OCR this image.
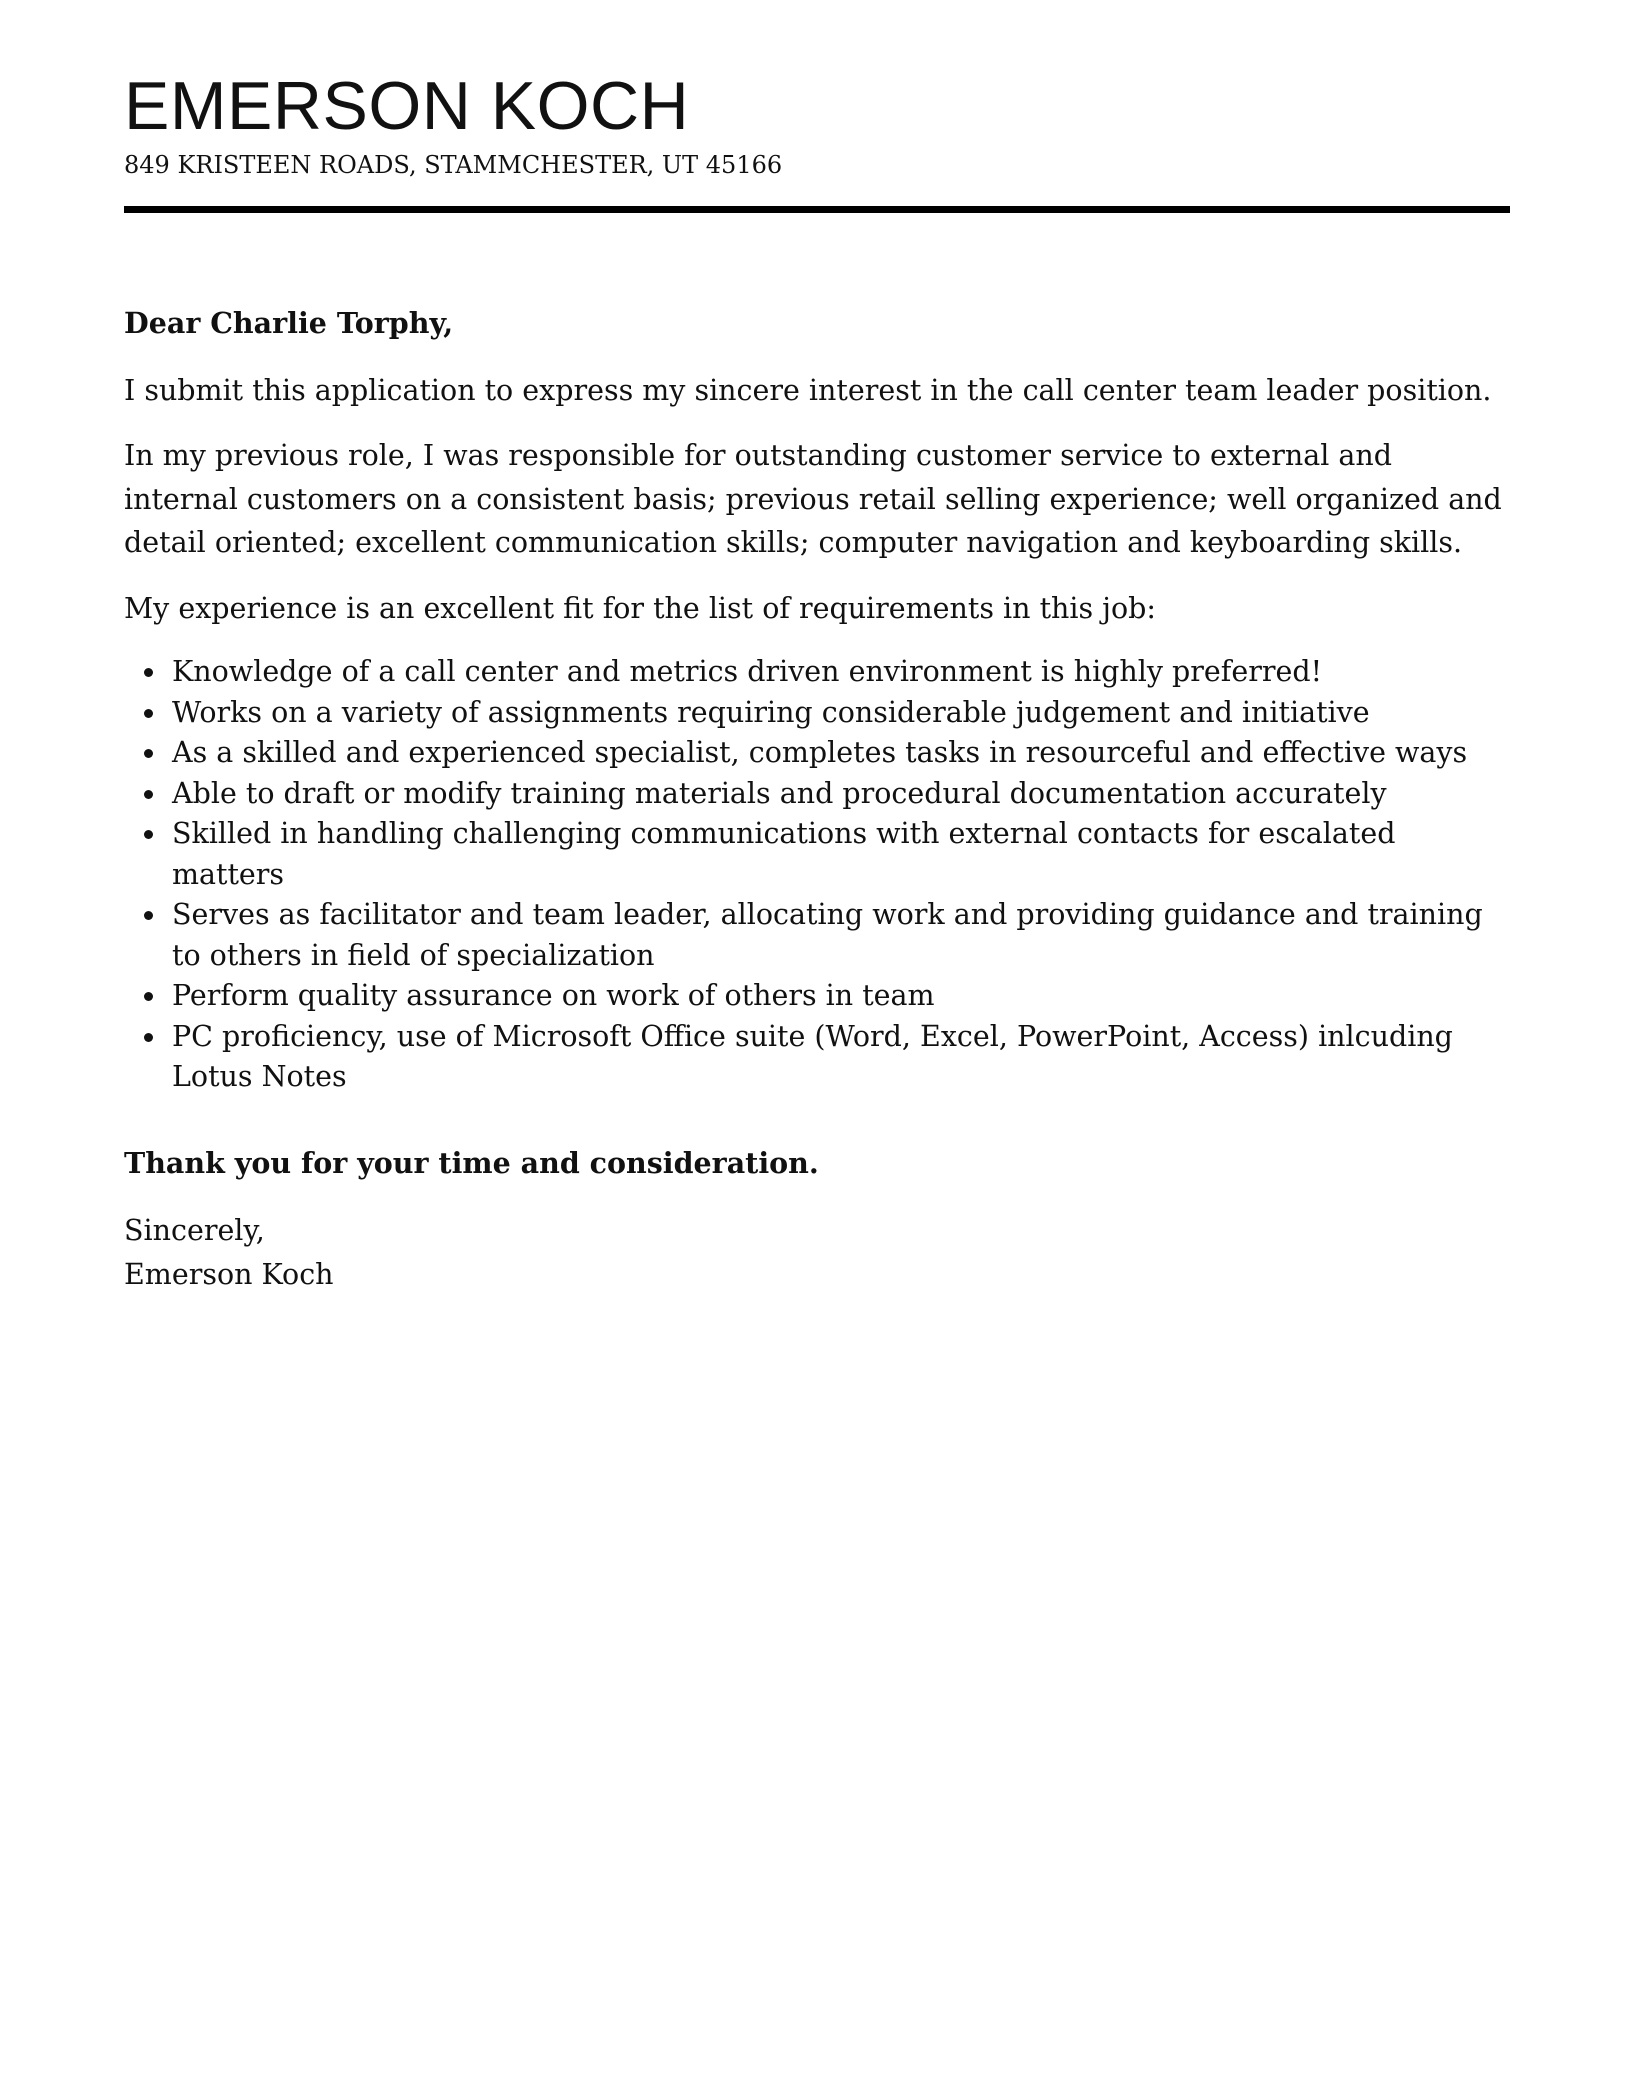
EMERSON KOCH
849 KRISTEEN ROADS, STAMMCHESTER, UT 45166

Dear Charlie Torphy,

I submit this application to express my sincere interest in the call center team leader position.

In my previous role, I was responsible for outstanding customer service to external and internal customers on a consistent basis; previous retail selling experience; well organized and detail oriented; excellent communication skills; computer navigation and keyboarding skills.

My experience is an excellent fit for the list of requirements in this job:

Knowledge of a call center and metrics driven environment is highly preferred!
Works on a variety of assignments requiring considerable judgement and initiative
As a skilled and experienced specialist, completes tasks in resourceful and effective ways
Able to draft or modify training materials and procedural documentation accurately
Skilled in handling challenging communications with external contacts for escalated matters
Serves as facilitator and team leader, allocating work and providing guidance and training to others in field of specialization
Perform quality assurance on work of others in team
PC proficiency, use of Microsoft Office suite (Word, Excel, PowerPoint, Access) inlcuding Lotus Notes

Thank you for your time and consideration.

Sincerely,
Emerson Koch
